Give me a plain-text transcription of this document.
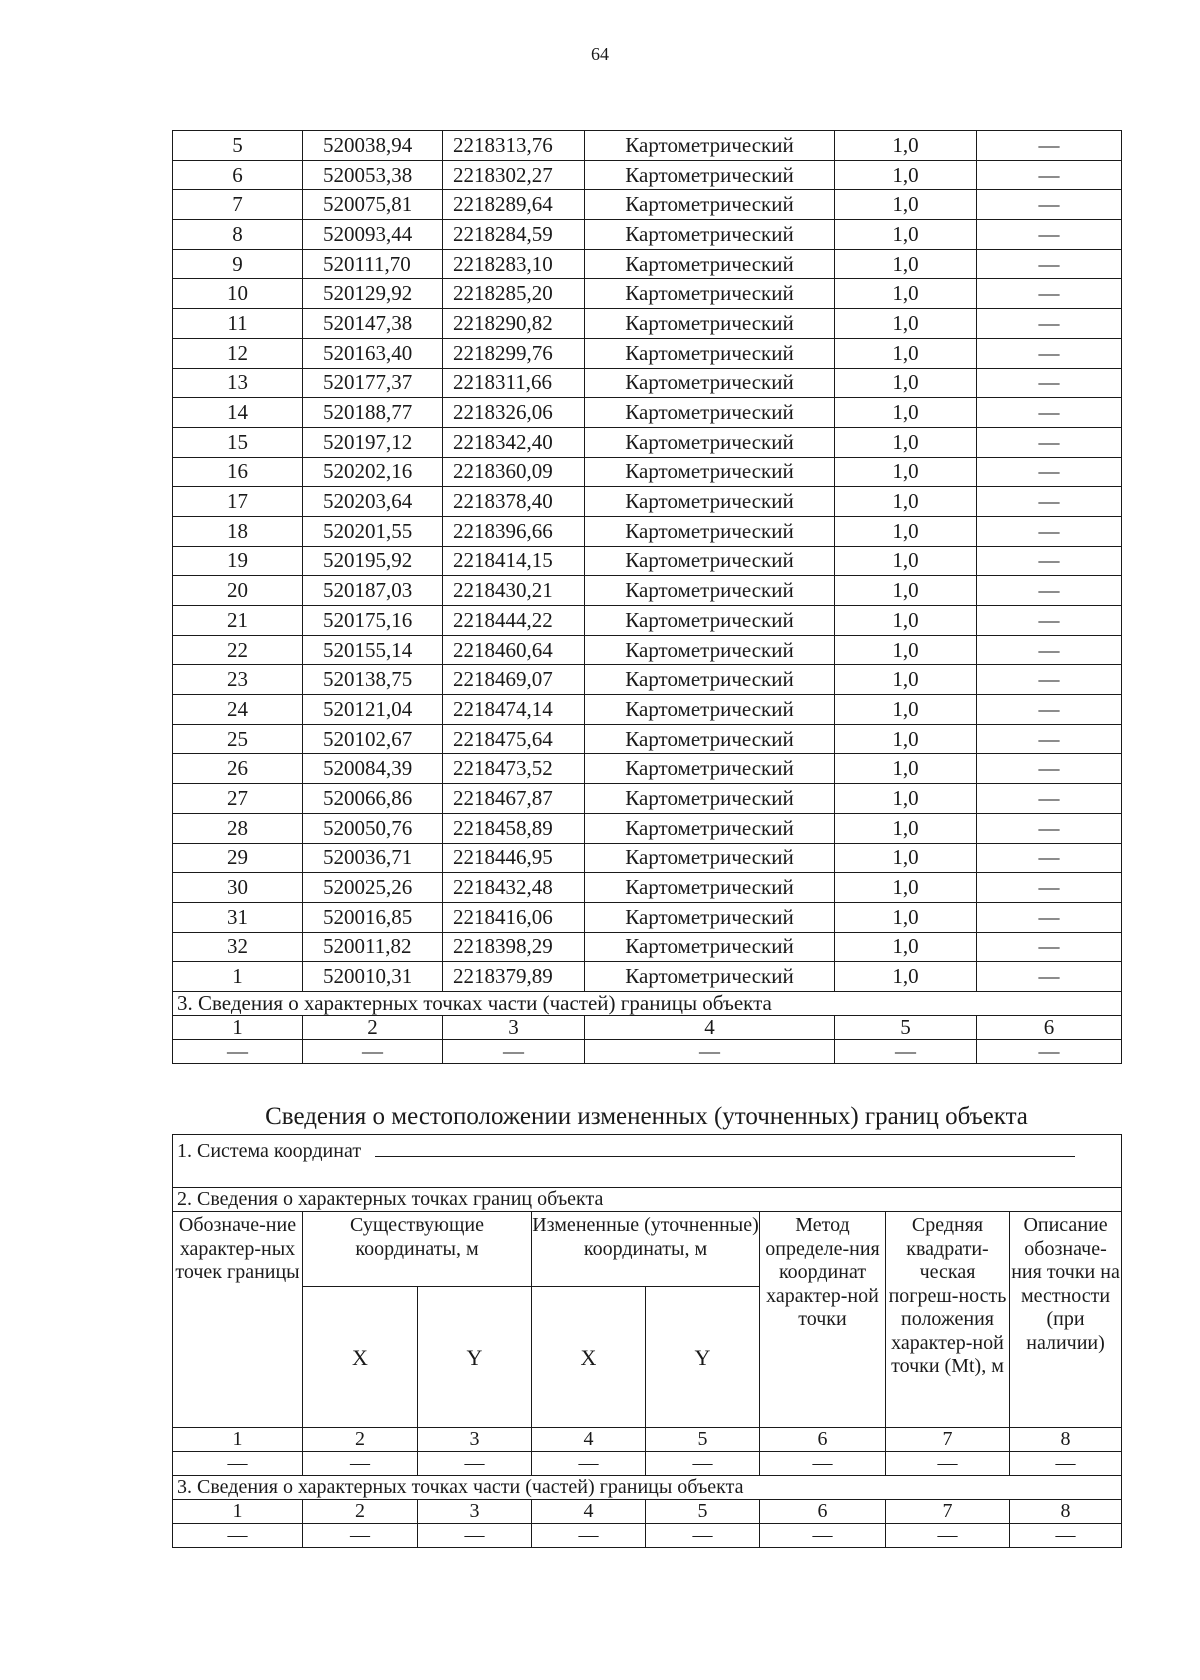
64
5	520038,94	2218313,76	Картометрический	1,0	—
6	520053,38	2218302,27	Картометрический	1,0	—
7	520075,81	2218289,64	Картометрический	1,0	—
8	520093,44	2218284,59	Картометрический	1,0	—
9	520111,70	2218283,10	Картометрический	1,0	—
10	520129,92	2218285,20	Картометрический	1,0	—
11	520147,38	2218290,82	Картометрический	1,0	—
12	520163,40	2218299,76	Картометрический	1,0	—
13	520177,37	2218311,66	Картометрический	1,0	—
14	520188,77	2218326,06	Картометрический	1,0	—
15	520197,12	2218342,40	Картометрический	1,0	—
16	520202,16	2218360,09	Картометрический	1,0	—
17	520203,64	2218378,40	Картометрический	1,0	—
18	520201,55	2218396,66	Картометрический	1,0	—
19	520195,92	2218414,15	Картометрический	1,0	—
20	520187,03	2218430,21	Картометрический	1,0	—
21	520175,16	2218444,22	Картометрический	1,0	—
22	520155,14	2218460,64	Картометрический	1,0	—
23	520138,75	2218469,07	Картометрический	1,0	—
24	520121,04	2218474,14	Картометрический	1,0	—
25	520102,67	2218475,64	Картометрический	1,0	—
26	520084,39	2218473,52	Картометрический	1,0	—
27	520066,86	2218467,87	Картометрический	1,0	—
28	520050,76	2218458,89	Картометрический	1,0	—
29	520036,71	2218446,95	Картометрический	1,0	—
30	520025,26	2218432,48	Картометрический	1,0	—
31	520016,85	2218416,06	Картометрический	1,0	—
32	520011,82	2218398,29	Картометрический	1,0	—
1	520010,31	2218379,89	Картометрический	1,0	—
3. Сведения о характерных точках части (частей) границы объекта					
1	2	3	4	5	6
—	—	—	—	—	—
Сведения о местоположении измененных (уточненных) границ объекта
1. Система координат							

2. Сведения о характерных точках границ объекта							
Обозначе-ние характер-ных точек границы	Существующие координаты, м		Измененные (уточненные) координаты, м		Метод определе-ния координат характер-ной точки	Средняя квадрати-ческая погреш-ность положения характер-ной точки (Mt), м	Описание обозначе-ния точки на местности (при наличии)
	X	Y	X	Y			
1	2	3	4	5	6	7	8
—	—	—	—	—	—	—	—
3. Сведения о характерных точках части (частей) границы объекта							
1	2	3	4	5	6	7	8
—	—	—	—	—	—	—	—
